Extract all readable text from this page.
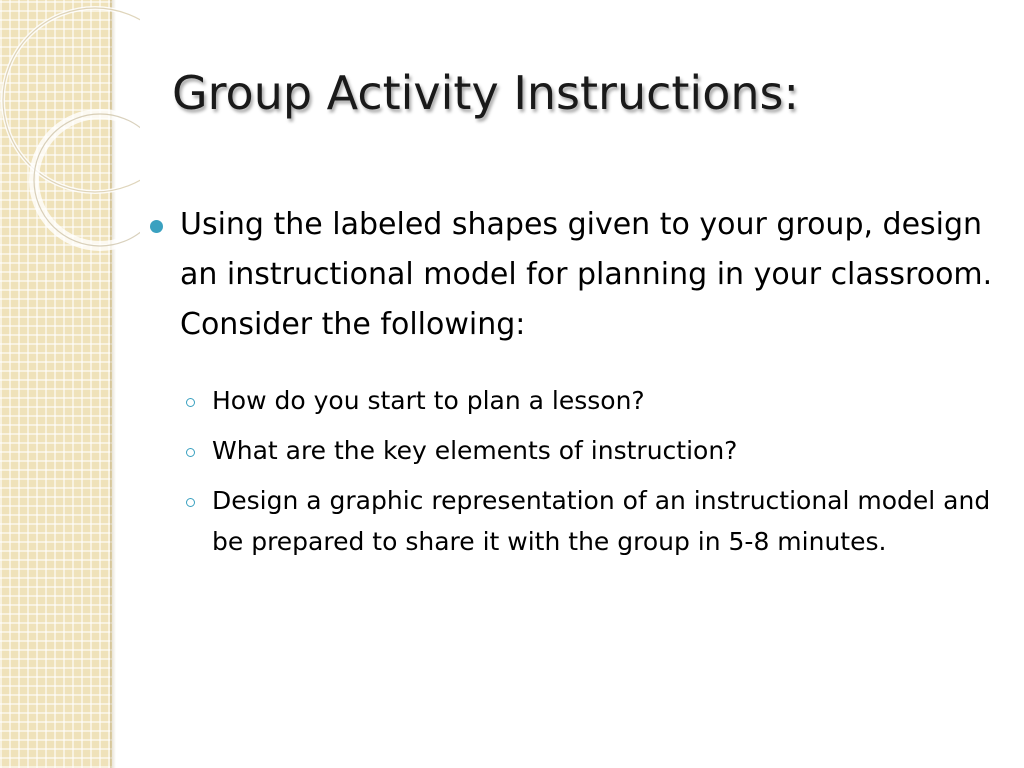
Group Activity Instructions:
Using the labeled shapes given to your group, design an instructional model for planning in your classroom. Consider the following:
How do you start to plan a lesson?
What are the key elements of instruction?
Design a graphic representation of an instructional model and be prepared to share it with the group in 5-8 minutes.
